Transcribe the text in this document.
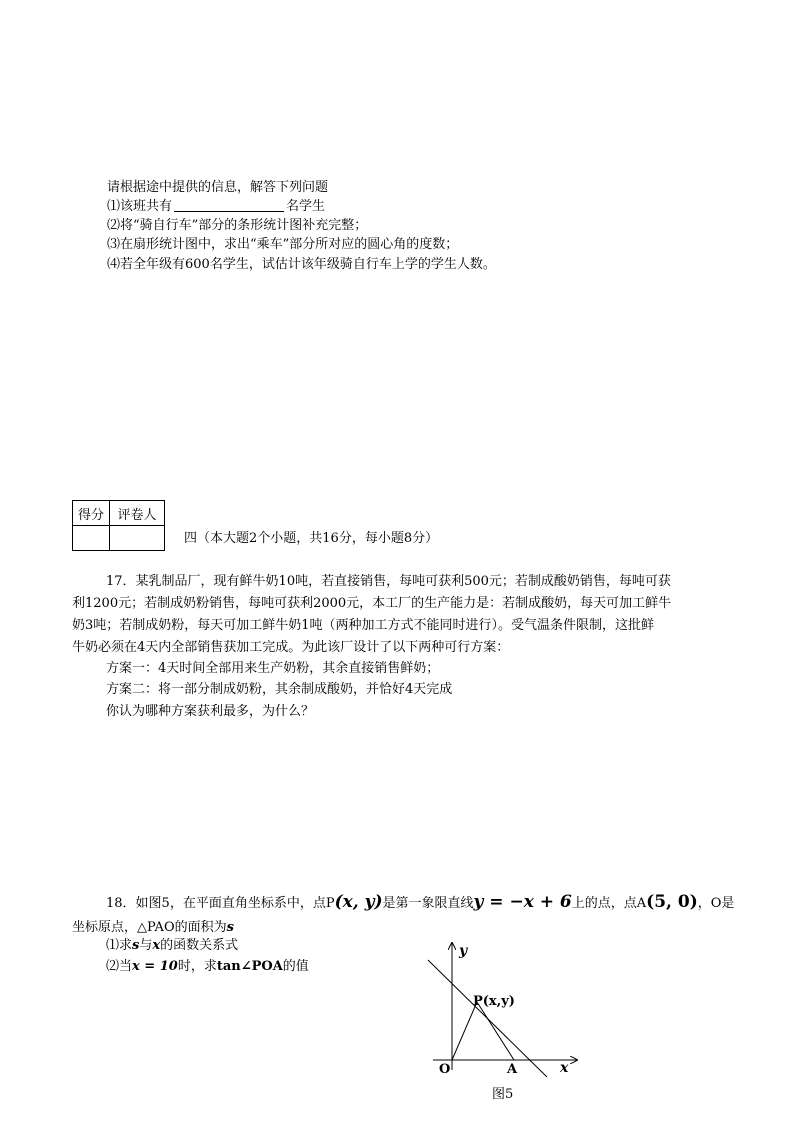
请根据途中提供的信息，解答下列问题
⑴该班共有	名学生
⑵将“骑自行车”部分的条形统计图补充完整；
⑶在扇形统计图中，求出“乘车”部分所对应的圆心角的度数；
⑷若全年级有600名学生，试估计该年级骑自行车上学的学生人数。
得分	评卷人

四（本大题2个小题，共16分，每小题8分）
17．某乳制品厂，现有鲜牛奶10吨，若直接销售，每吨可获利500元；若制成酸奶销售，每吨可获
利1200元；若制成奶粉销售，每吨可获利2000元，本工厂的生产能力是：若制成酸奶，每天可加工鲜牛
奶3吨；若制成奶粉，每天可加工鲜牛奶1吨（两种加工方式不能同时进行）。受气温条件限制，这批鲜
牛奶必须在4天内全部销售获加工完成。为此该厂设计了以下两种可行方案：
方案一：4天时间全部用来生产奶粉，其余直接销售鲜奶；
方案二：将一部分制成奶粉，其余制成酸奶，并恰好4天完成
你认为哪种方案获利最多，为什么？
18．如图5，在平面直角坐标系中，点P(x, y)是第一象限直线y = −x + 6上的点，点A(5, 0)，O是
坐标原点，△PAO的面积为s
⑴求s与x的函数关系式
⑵当x = 10时，求tan∠POA的值
y
x
O	A
P(x,y)
图5
